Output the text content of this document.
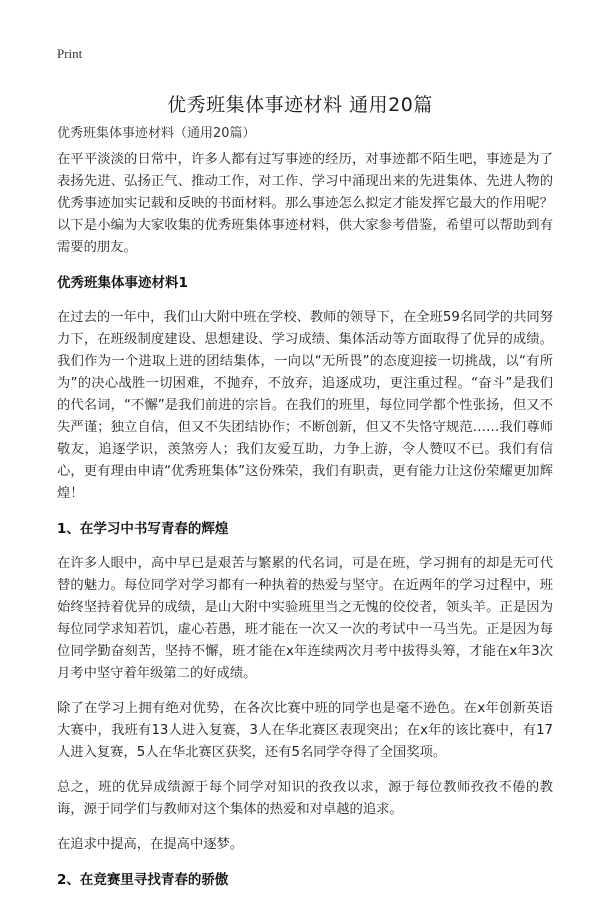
Print
优秀班集体事迹材料 通用20篇
优秀班集体事迹材料（通用20篇）

在平平淡淡的日常中，许多人都有过写事迹的经历，对事迹都不陌生吧，事迹是为了表扬先进、弘扬正气、推动工作，对工作、学习中涌现出来的先进集体、先进人物的优秀事迹加实记载和反映的书面材料。那么事迹怎么拟定才能发挥它最大的作用呢？以下是小编为大家收集的优秀班集体事迹材料，供大家参考借鉴，希望可以帮助到有需要的朋友。

优秀班集体事迹材料1

在过去的一年中，我们山大附中班在学校、教师的领导下，在全班59名同学的共同努力下，在班级制度建设、思想建设、学习成绩、集体活动等方面取得了优异的成绩。我们作为一个进取上进的团结集体，一向以“无所畏”的态度迎接一切挑战，以“有所为”的决心战胜一切困难，不抛弃，不放弃，追逐成功，更注重过程。“奋斗”是我们的代名词，“不懈”是我们前进的宗旨。在我们的班里，每位同学都个性张扬，但又不失严谨；独立自信，但又不失团结协作；不断创新，但又不失恪守规范……我们尊师敬友，追逐学识，羡煞旁人；我们友爱互助，力争上游，令人赞叹不已。我们有信心，更有理由申请“优秀班集体”这份殊荣，我们有职责，更有能力让这份荣耀更加辉煌！

1、在学习中书写青春的辉煌

在许多人眼中，高中早已是艰苦与繁累的代名词，可是在班，学习拥有的却是无可代替的魅力。每位同学对学习都有一种执着的热爱与坚守。在近两年的学习过程中，班始终坚持着优异的成绩，是山大附中实验班里当之无愧的佼佼者，领头羊。正是因为每位同学求知若饥，虚心若愚，班才能在一次又一次的考试中一马当先。正是因为每位同学勤奋刻苦，坚持不懈，班才能在x年连续两次月考中拔得头筹，才能在x年3次月考中坚守着年级第二的好成绩。

除了在学习上拥有绝对优势，在各次比赛中班的同学也是毫不逊色。在x年创新英语大赛中，我班有13人进入复赛，3人在华北赛区表现突出；在x年的该比赛中，有17人进入复赛，5人在华北赛区获奖，还有5名同学夺得了全国奖项。

总之，班的优异成绩源于每个同学对知识的孜孜以求，源于每位教师孜孜不倦的教诲，源于同学们与教师对这个集体的热爱和对卓越的追求。

在追求中提高，在提高中逐梦。

2、在竞赛里寻找青春的骄傲
